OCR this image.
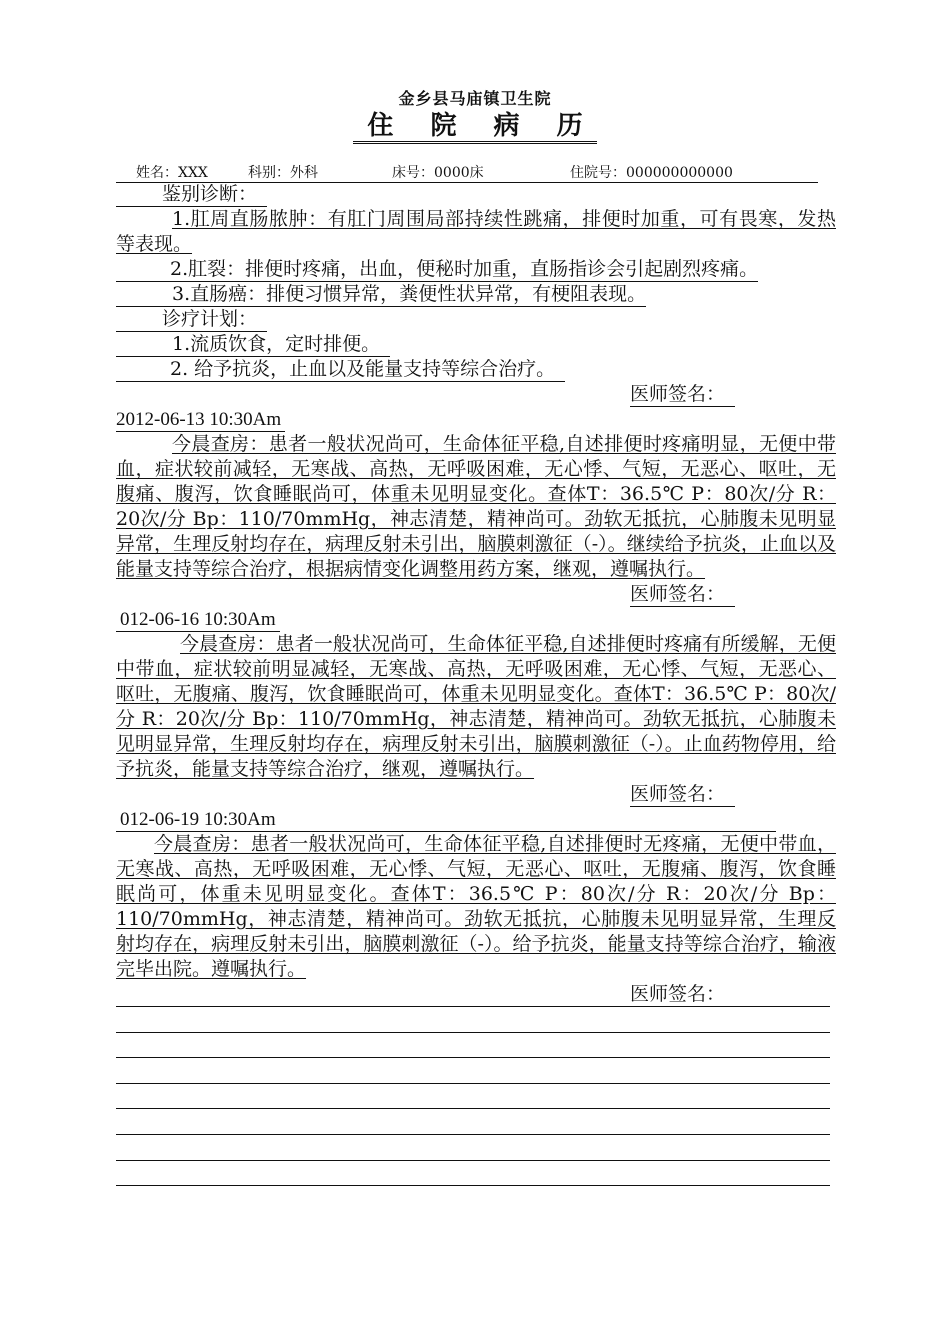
金乡县马庙镇卫生院
住 院 病 历
姓名：XXX	科别：外科	床号：0000床	住院号：000000000000
鉴别诊断：

1.肛周直肠脓肿：有肛门周围局部持续性跳痛，排便时加重，可有畏寒，发热等表现。

2.肛裂：排便时疼痛，出血，便秘时加重，直肠指诊会引起剧烈疼痛。
3.直肠癌：排便习惯异常，粪便性状异常，有梗阻表现。
诊疗计划：
1.流质饮食，定时排便。
2. 给予抗炎，止血以及能量支持等综合治疗。
医师签名：
2012-06-13 10:30Am

今晨查房：患者一般状况尚可，生命体征平稳,自述排便时疼痛明显，无便中带血，症状较前减轻，无寒战、高热，无呼吸困难，无心悸、气短，无恶心、呕吐，无腹痛、腹泻，饮食睡眠尚可，体重未见明显变化。查体T：36.5℃ P：80次/分 R：20次/分 Bp：110/70mmHg，神志清楚，精神尚可。劲软无抵抗，心肺腹未见明显异常，生理反射均存在，病理反射未引出，脑膜刺激征（-）。继续给予抗炎，止血以及能量支持等综合治疗，根据病情变化调整用药方案，继观，遵嘱执行。

医师签名：
012-06-16 10:30Am

今晨查房：患者一般状况尚可，生命体征平稳,自述排便时疼痛有所缓解，无便中带血，症状较前明显减轻，无寒战、高热，无呼吸困难，无心悸、气短，无恶心、呕吐，无腹痛、腹泻，饮食睡眠尚可，体重未见明显变化。查体T：36.5℃ P：80次/分 R：20次/分 Bp：110/70mmHg，神志清楚，精神尚可。劲软无抵抗，心肺腹未见明显异常，生理反射均存在，病理反射未引出，脑膜刺激征（-）。止血药物停用，给予抗炎，能量支持等综合治疗，继观，遵嘱执行。

医师签名：
012-06-19 10:30Am

今晨查房：患者一般状况尚可，生命体征平稳,自述排便时无疼痛，无便中带血，无寒战、高热，无呼吸困难，无心悸、气短，无恶心、呕吐，无腹痛、腹泻，饮食睡眠尚可，体重未见明显变化。查体T：36.5℃ P：80次/分 R：20次/分 Bp：110/70mmHg，神志清楚，精神尚可。劲软无抵抗，心肺腹未见明显异常，生理反射均存在，病理反射未引出，脑膜刺激征（-）。给予抗炎，能量支持等综合治疗，输液完毕出院。遵嘱执行。

医师签名：
